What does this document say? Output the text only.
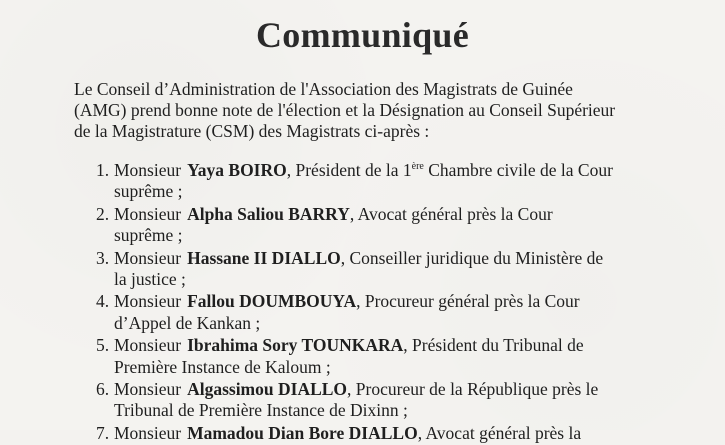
Communiqué

Le Conseil d’Administration de l'Association des Magistrats de Guinée
(AMG) prend bonne note de l'élection et la Désignation au Conseil Supérieur
de la Magistrature (CSM) des Magistrats ci-après :

1. Monsieur Yaya BOIRO, Président de la 1ère Chambre civile de la Cour
suprême ;
2. Monsieur Alpha Saliou BARRY, Avocat général près la Cour
suprême ;
3. Monsieur Hassane II DIALLO, Conseiller juridique du Ministère de
la justice ;
4. Monsieur Fallou DOUMBOUYA, Procureur général près la Cour
d’Appel de Kankan ;
5. Monsieur Ibrahima Sory TOUNKARA, Président du Tribunal de
Première Instance de Kaloum ;
6. Monsieur Algassimou DIALLO, Procureur de la République près le
Tribunal de Première Instance de Dixinn ;
7. Monsieur Mamadou Dian Bore DIALLO, Avocat général près la
